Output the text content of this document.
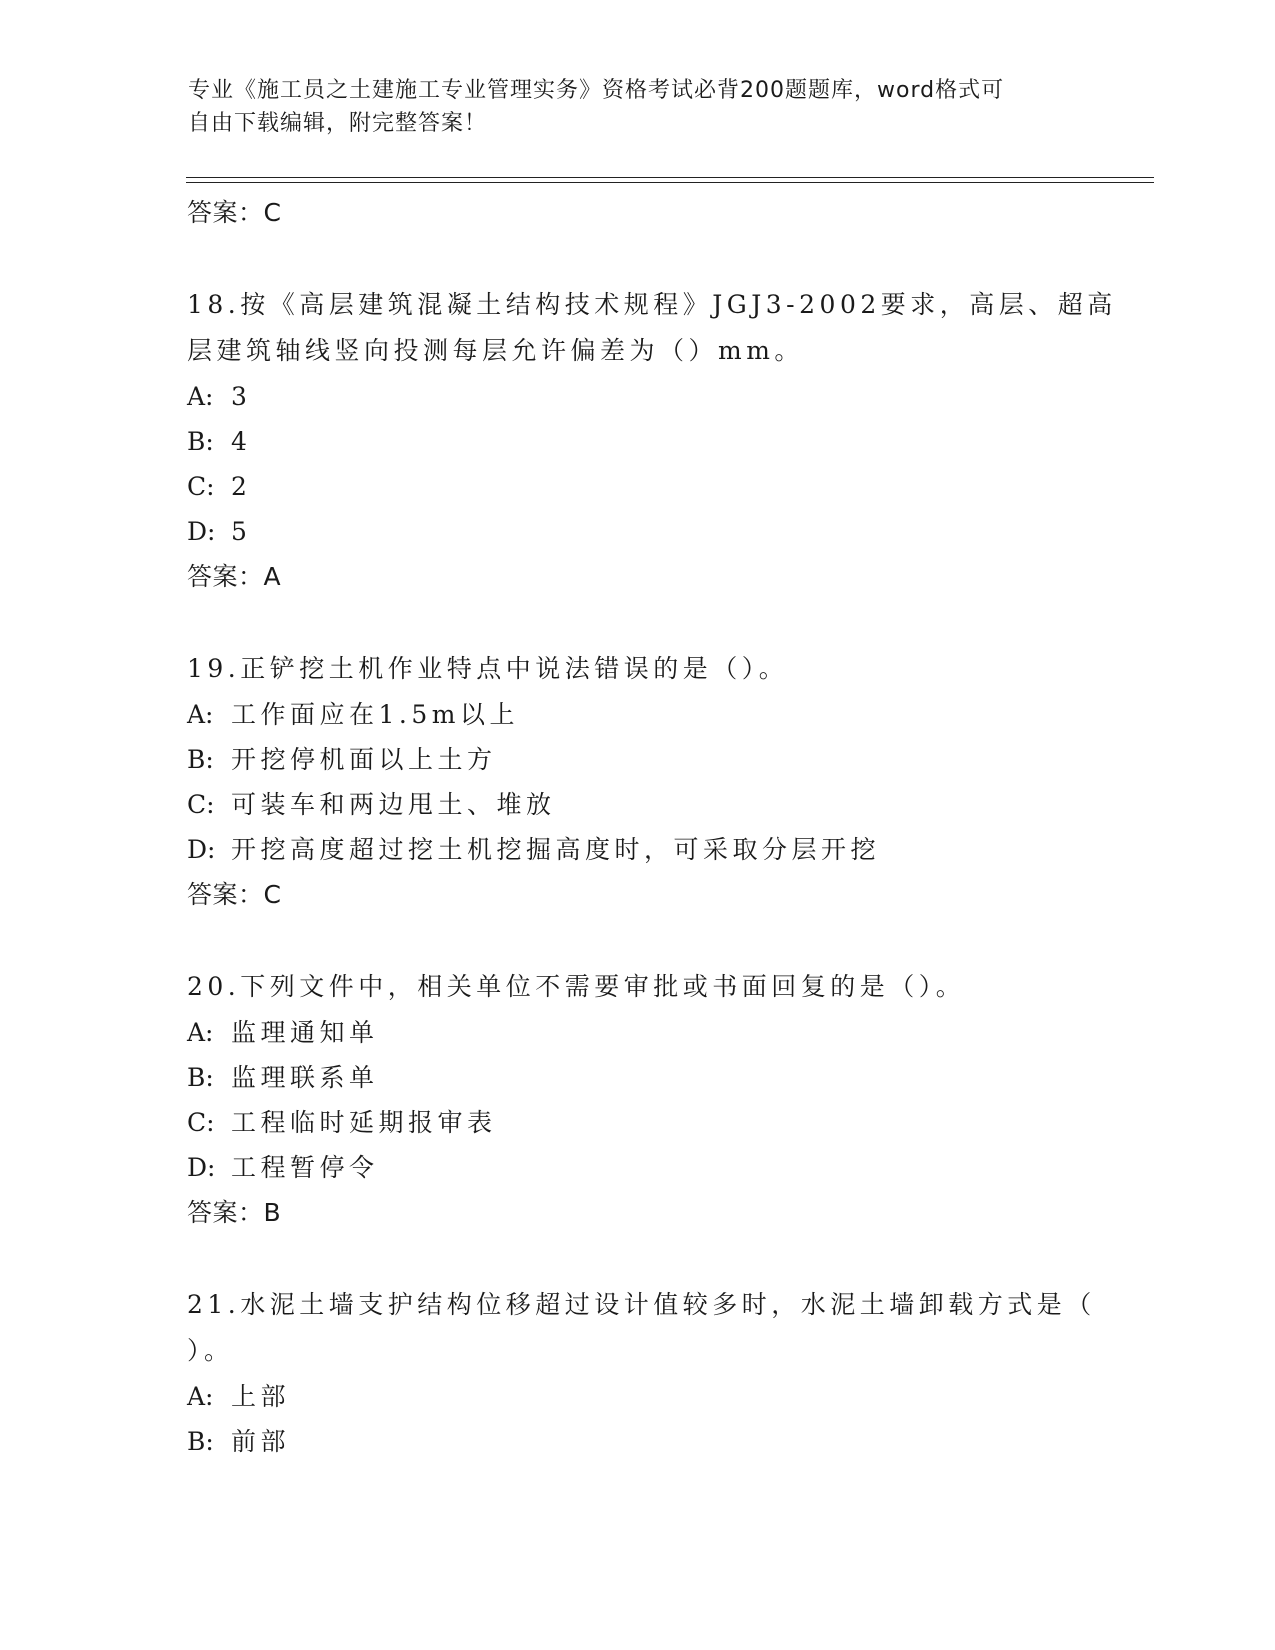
专业《施工员之土建施工专业管理实务》资格考试必背200题题库，word格式可
自由下载编辑，附完整答案！
答案：C
18.按《高层建筑混凝土结构技术规程》JGJ3-2002要求，高层、超高
层建筑轴线竖向投测每层允许偏差为（）mm。
A: 3
B: 4
C: 2
D: 5
答案：A
19.正铲挖土机作业特点中说法错误的是（）。
A: 工作面应在1.5m以上
B: 开挖停机面以上土方
C: 可装车和两边甩土、堆放
D: 开挖高度超过挖土机挖掘高度时，可采取分层开挖
答案：C
20.下列文件中，相关单位不需要审批或书面回复的是（）。
A: 监理通知单
B: 监理联系单
C: 工程临时延期报审表
D: 工程暂停令
答案：B
21.水泥土墙支护结构位移超过设计值较多时，水泥土墙卸载方式是（
）。
A: 上部
B: 前部
